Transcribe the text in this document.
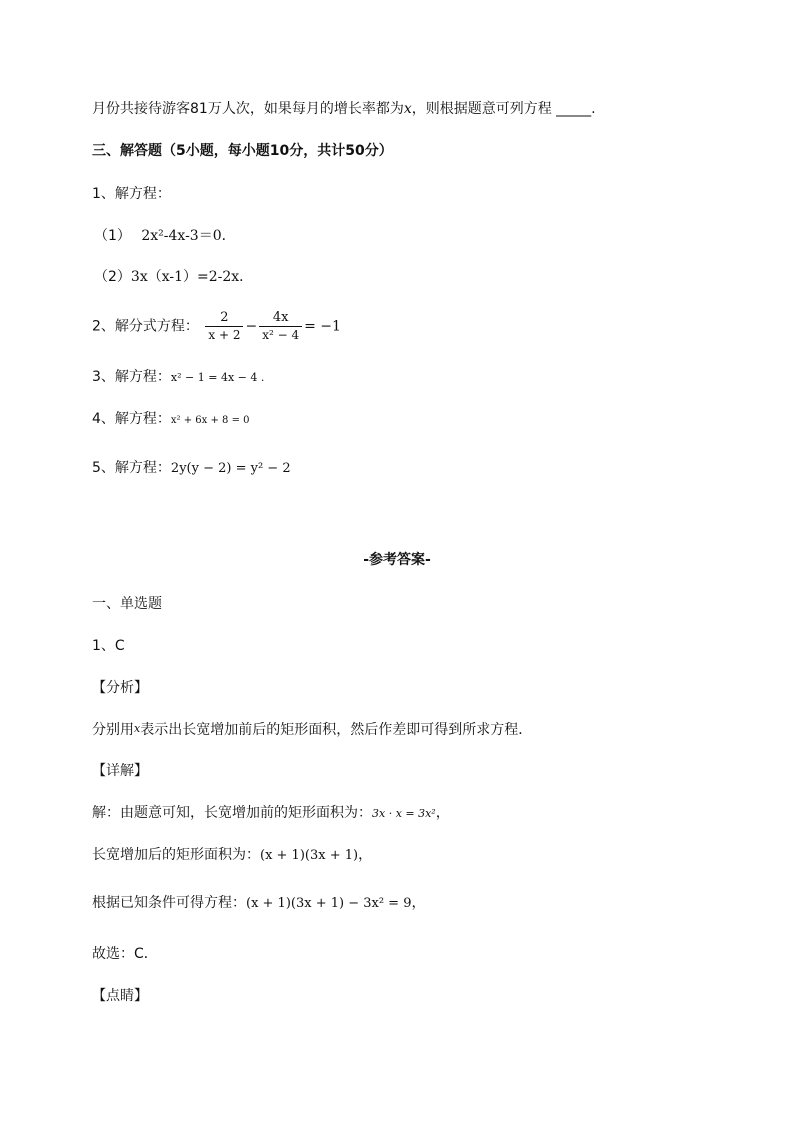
月份共接待游客81万人次，如果每月的增长率都为x，则根据题意可列方程 _____.
三、解答题（5小题，每小题10分，共计50分）
1、解方程：
（1） 2x²-4x-3＝0．
（2）3x（x-1）=2-2x．
2、解分式方程： $\frac{2}{x + 2} - \frac{4x}{\text{x² − 4}} = -1$
3、解方程：x² − 1 = 4x − 4 .
4、解方程：x² + 6x + 8 = 0
5、解方程：2y(y − 2) = y² − 2
-参考答案-
一、单选题
1、C
【分析】
分别用x表示出长宽增加前后的矩形面积，然后作差即可得到所求方程．
【详解】
解：由题意可知，长宽增加前的矩形面积为：3x · x = 3x²，
长宽增加后的矩形面积为：(x + 1)(3x + 1)，
根据已知条件可得方程：(x + 1)(3x + 1) − 3x² = 9，
故选：C．
【点睛】
